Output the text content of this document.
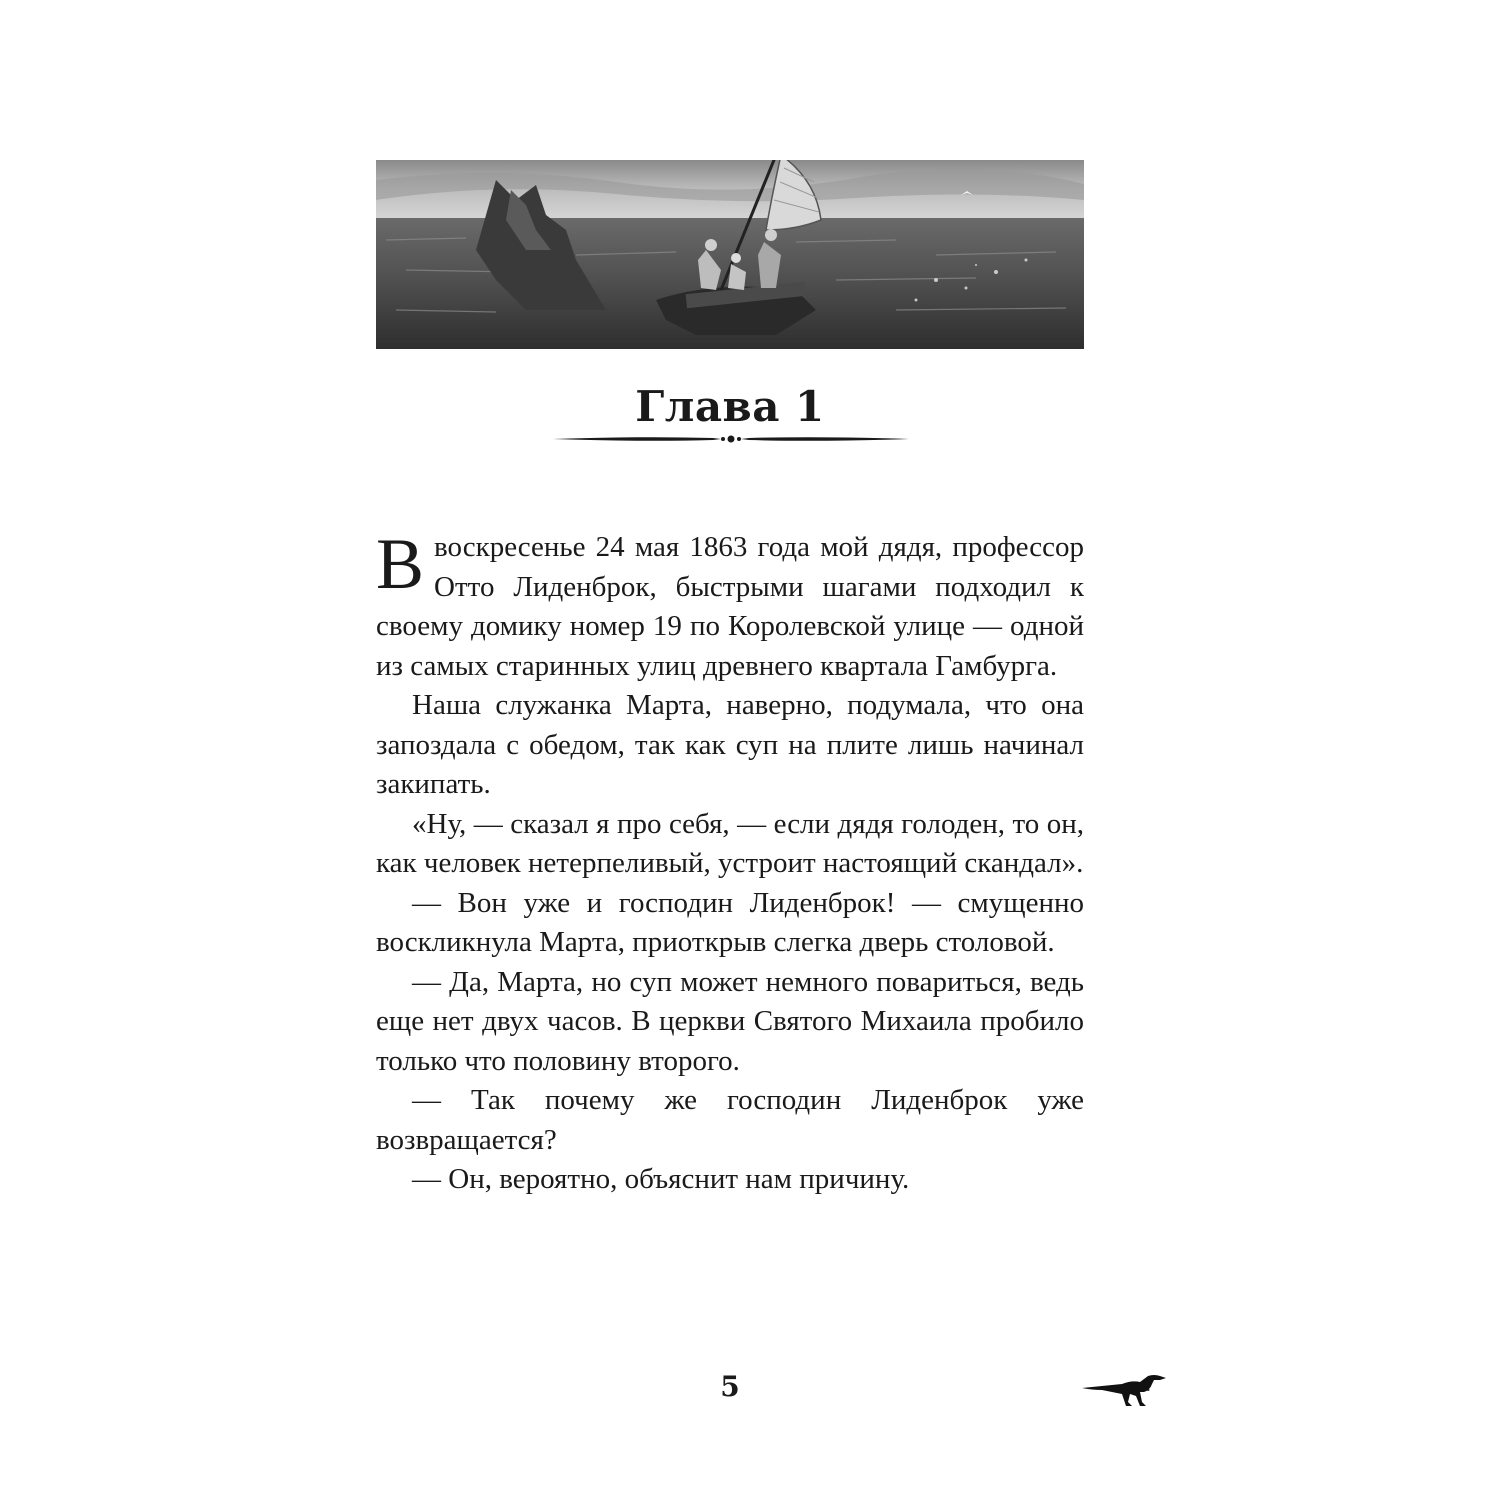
Глава 1

Ввоскресенье 24 мая 1863 года мой дядя, профессор Отто Лиденброк, быстрыми шагами подходил к своему домику номер 19 по Королевской улице — одной из самых старинных улиц древнего квартала Гамбурга.

Наша служанка Марта, наверно, подумала, что она запоздала с обедом, так как суп на плите лишь начинал закипать.

«Ну, — сказал я про себя, — если дядя голоден, то он, как человек нетерпеливый, устроит настоящий скандал».

— Вон уже и господин Лиденброк! — смущенно воскликнула Марта, приоткрыв слегка дверь столовой.

— Да, Марта, но суп может немного повариться, ведь еще нет двух часов. В церкви Святого Михаила пробило только что половину второго.

— Так почему же господин Лиденброк уже возвращается?

— Он, вероятно, объяснит нам причину.

5
